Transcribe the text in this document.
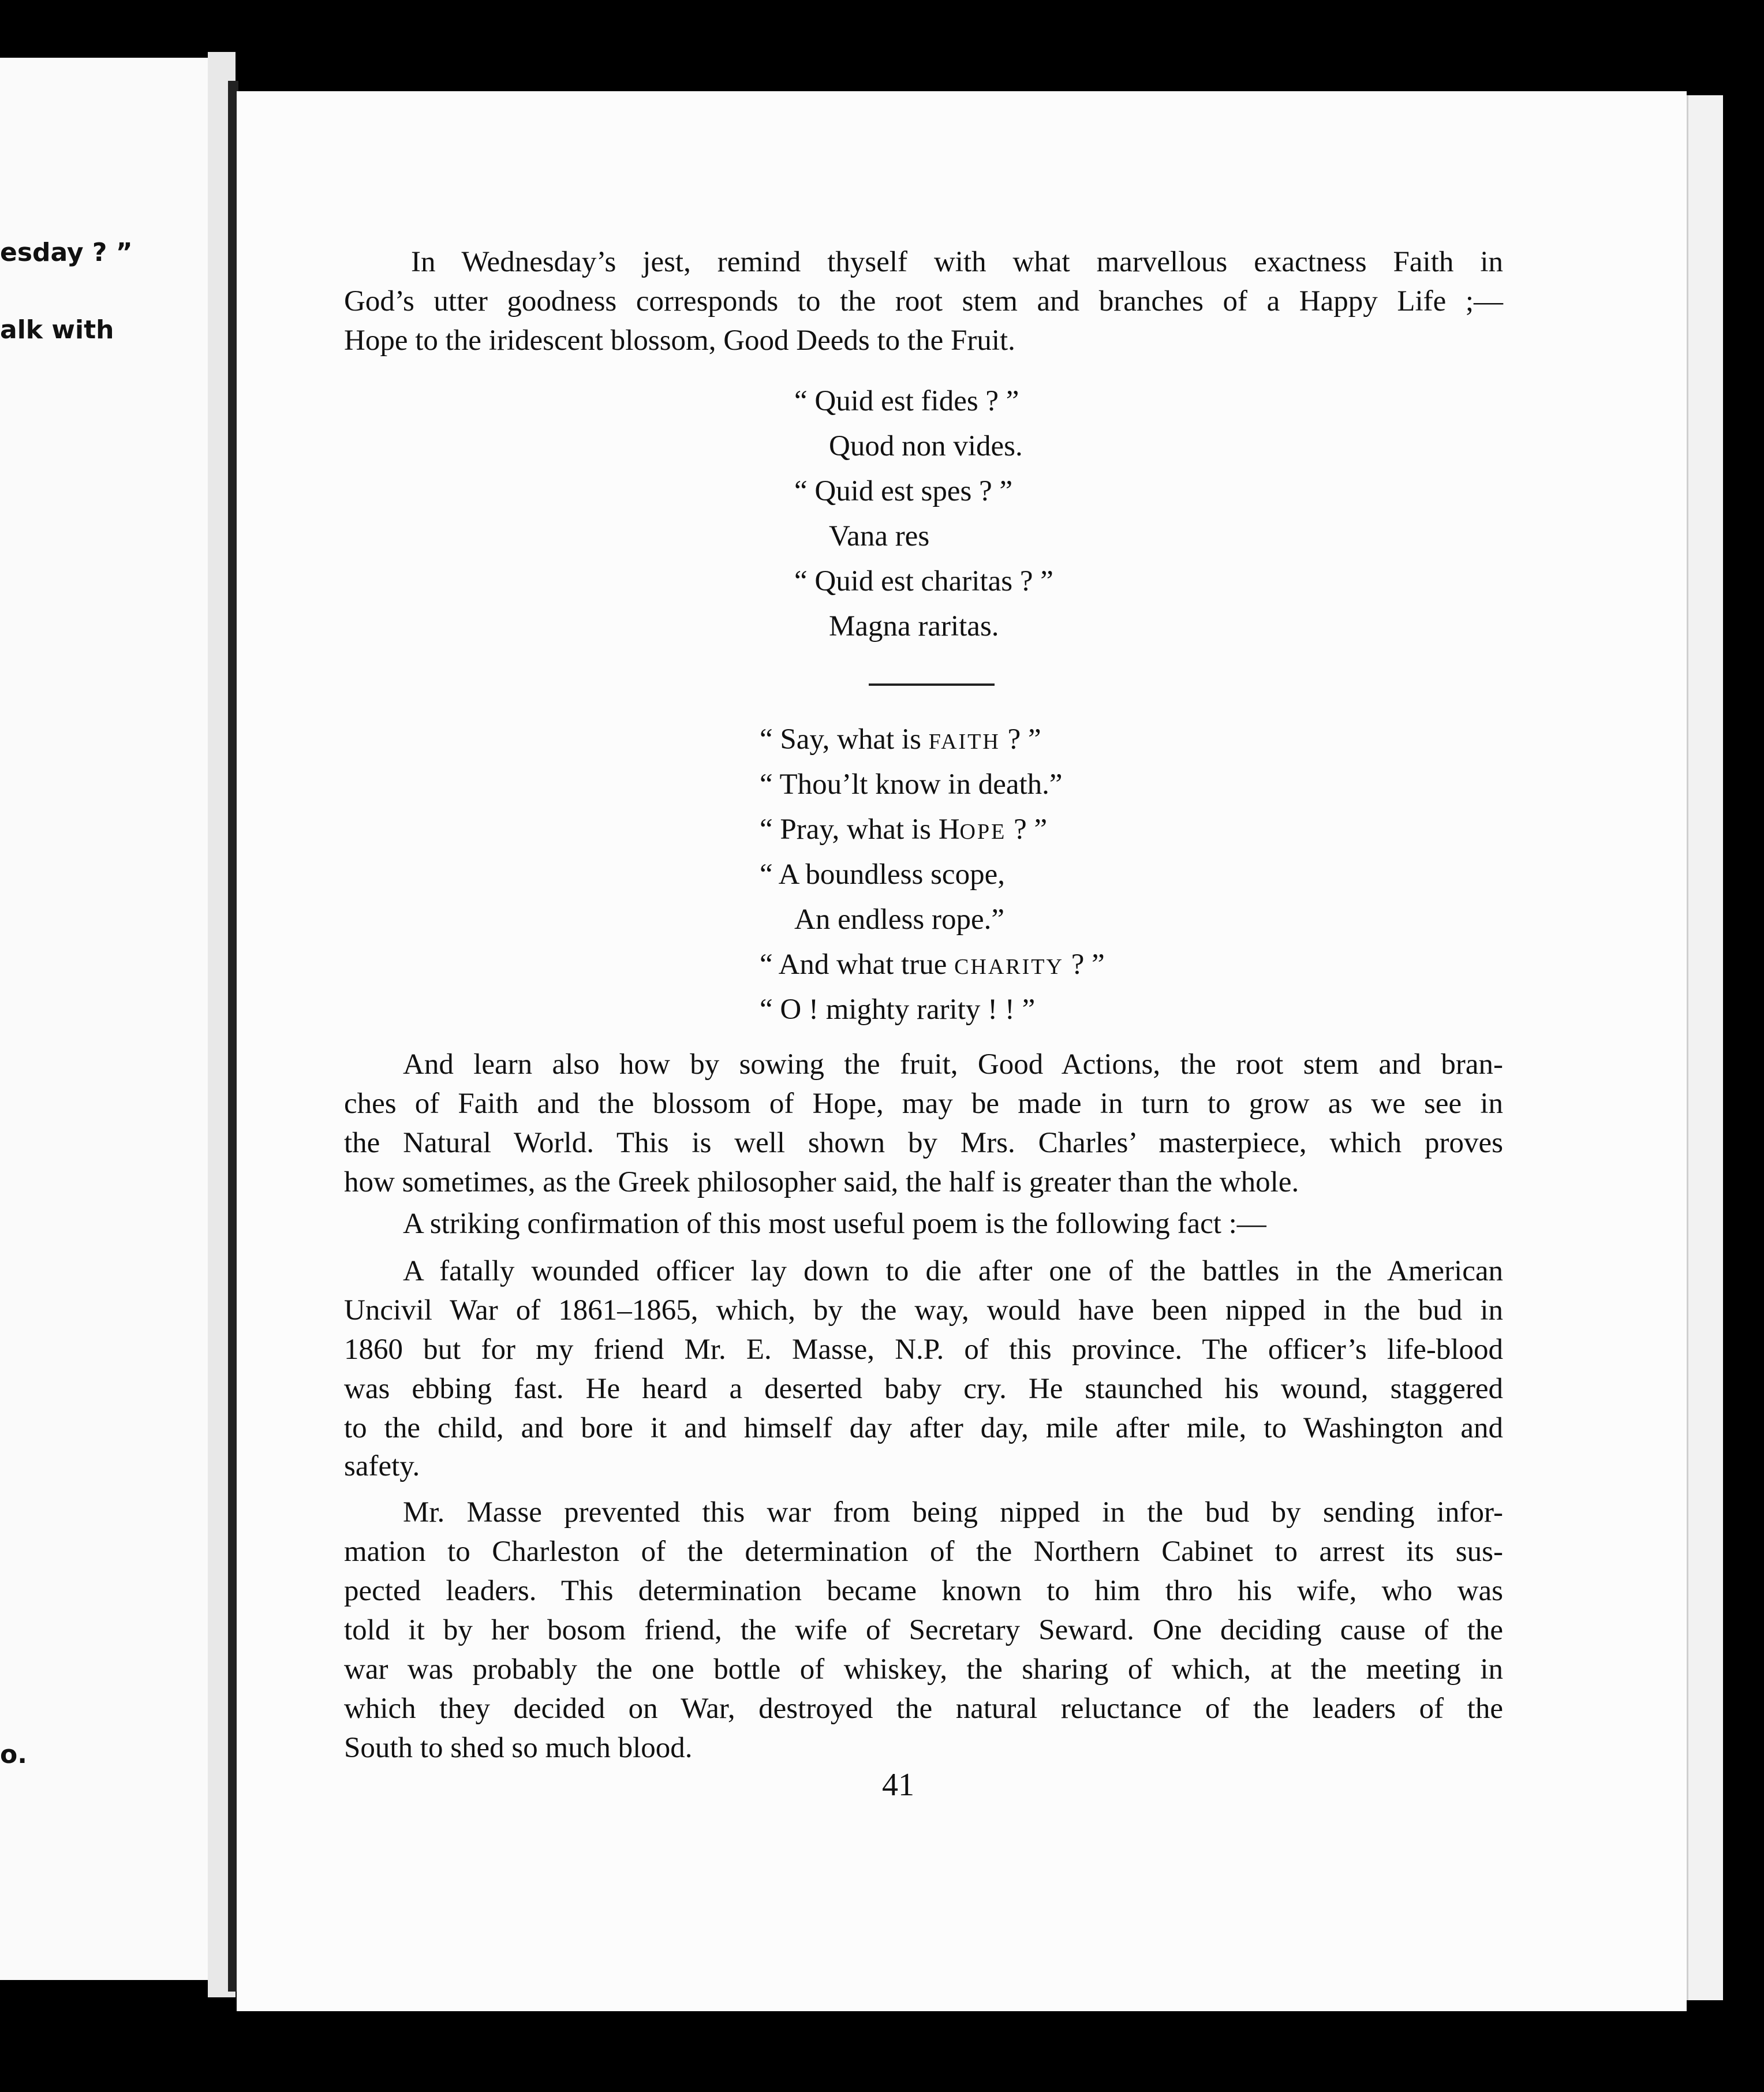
esday ? ”
alk with
o.

In Wednesday’s jest, remind thyself with what marvellous exactness Faith in

God’s utter goodness corresponds to the root stem and branches of a Happy Life ;—

Hope to the iridescent blossom, Good Deeds to the Fruit.

“ Quid est fides ? ”
Quod non vides.
“ Quid est spes ? ”
Vana res
“ Quid est charitas ? ”
Magna raritas.
“ Say, what is FAITH ? ”
“ Thou’lt know in death.”
“ Pray, what is HOPE ? ”
“ A boundless scope,
An endless rope.”
“ And what true CHARITY ? ”
“ O ! mighty rarity ! ! ”

And learn also how by sowing the fruit, Good Actions, the root stem and bran-

ches of Faith and the blossom of Hope, may be made in turn to grow as we see in

the Natural World. This is well shown by Mrs. Charles’ masterpiece, which proves

how sometimes, as the Greek philosopher said, the half is greater than the whole.

A striking confirmation of this most useful poem is the following fact :—

A fatally wounded officer lay down to die after one of the battles in the American

Uncivil War of 1861–1865, which, by the way, would have been nipped in the bud in

1860 but for my friend Mr. E. Masse, N.P. of this province. The officer’s life-blood

was ebbing fast. He heard a deserted baby cry. He staunched his wound, staggered

to the child, and bore it and himself day after day, mile after mile, to Washington and

safety.

Mr. Masse prevented this war from being nipped in the bud by sending infor-

mation to Charleston of the determination of the Northern Cabinet to arrest its sus-

pected leaders. This determination became known to him thro his wife, who was

told it by her bosom friend, the wife of Secretary Seward. One deciding cause of the

war was probably the one bottle of whiskey, the sharing of which, at the meeting in

which they decided on War, destroyed the natural reluctance of the leaders of the

South to shed so much blood.

41
